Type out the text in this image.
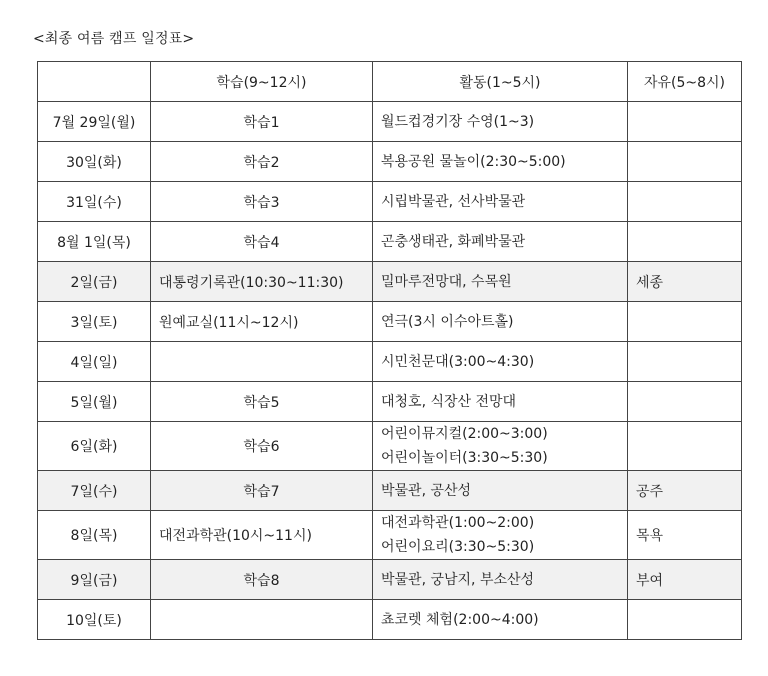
<최종 여름 캠프 일정표>
	학습(9~12시)	활동(1~5시)	자유(5~8시)
7월 29일(월)	학습1	월드컵경기장 수영(1~3)	

30일(화)	학습2	복용공원 물놀이(2:30~5:00)	

31일(수)	학습3	시립박물관, 선사박물관	

8월 1일(목)	학습4	곤충생태관, 화폐박물관	

2일(금)	대통령기록관(10:30~11:30)	밀마루전망대, 수목원	세종
3일(토)	원예교실(11시~12시)	연극(3시 이수아트홀)	

4일(일)		시민천문대(3:00~4:30)	

5일(월)	학습5	대청호, 식장산 전망대	

6일(화)	학습6	어린이뮤지컬(2:00~3:00)
어린이놀이터(3:30~5:30)	

7일(수)	학습7	박물관, 공산성	공주
8일(목)	대전과학관(10시~11시)	대전과학관(1:00~2:00)
어린이요리(3:30~5:30)	목욕
9일(금)	학습8	박물관, 궁남지, 부소산성	부여
10일(토)		쵸코렛 체험(2:00~4:00)	
